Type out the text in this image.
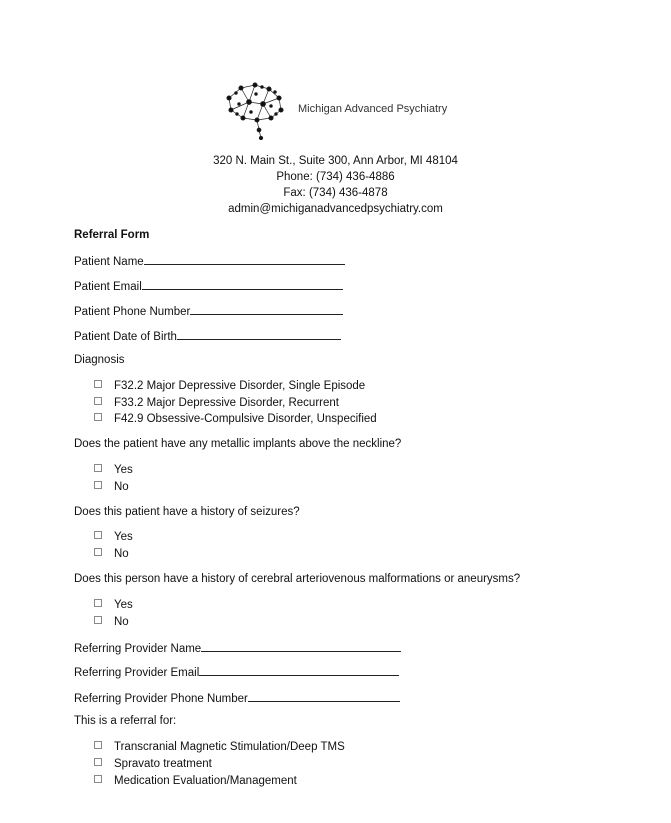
Michigan Advanced Psychiatry
320 N. Main St., Suite 300, Ann Arbor, MI 48104
Phone: (734) 436-4886
Fax: (734) 436-4878
admin@michiganadvancedpsychiatry.com
Referral Form
Patient Name
Patient Email
Patient Phone Number
Patient Date of Birth
Diagnosis
F32.2 Major Depressive Disorder, Single Episode
F33.2 Major Depressive Disorder, Recurrent
F42.9 Obsessive-Compulsive Disorder, Unspecified
Does the patient have any metallic implants above the neckline?
Yes
No
Does this patient have a history of seizures?
Yes
No
Does this person have a history of cerebral arteriovenous malformations or aneurysms?
Yes
No
Referring Provider Name
Referring Provider Email
Referring Provider Phone Number
This is a referral for:
Transcranial Magnetic Stimulation/Deep TMS
Spravato treatment
Medication Evaluation/Management
